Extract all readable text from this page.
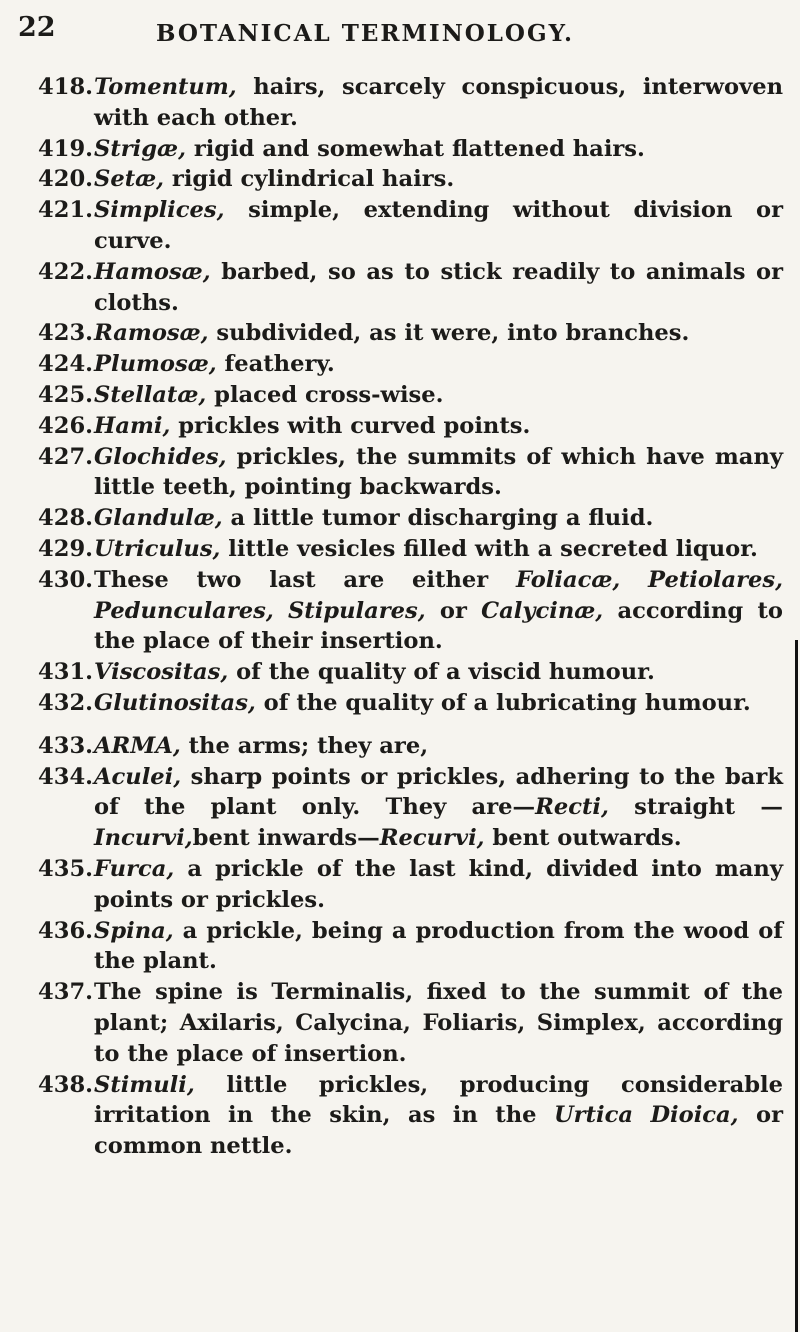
22	BOTANICAL TERMINOLOGY.
418. Tomentum, hairs, scarcely conspicuous, interwoven with each other.
419. Strigæ, rigid and somewhat flattened hairs.
420. Setæ, rigid cylindrical hairs.
421. Simplices, simple, extending without division or curve.
422. Hamosæ, barbed, so as to stick readily to animals or cloths.
423. Ramosæ, subdivided, as it were, into branches.
424. Plumosæ, feathery.
425. Stellatæ, placed cross-wise.
426. Hami, prickles with curved points.
427. Glochides, prickles, the summits of which have many little teeth, pointing backwards.
428. Glandulæ, a little tumor discharging a fluid.
429. Utriculus, little vesicles filled with a secreted liquor.
430. These two last are either Foliacæ, Petiolares, Pedunculares, Stipulares, or Calycinæ, according to the place of their insertion.
431. Viscositas, of the quality of a viscid humour.
432. Glutinositas, of the quality of a lubricating humour.
433. ARMA, the arms; they are,
434. Aculei, sharp points or prickles, adhering to the bark of the plant only. They are—Recti, straight —Incurvi,bent inwards—Recurvi, bent outwards.
435. Furca, a prickle of the last kind, divided into many points or prickles.
436. Spina, a prickle, being a production from the wood of the plant.
437. The spine is Terminalis, fixed to the summit of the plant; Axilaris, Calycina, Foliaris, Simplex, according to the place of insertion.
438. Stimuli, little prickles, producing considerable irritation in the skin, as in the Urtica Dioica, or common nettle.
